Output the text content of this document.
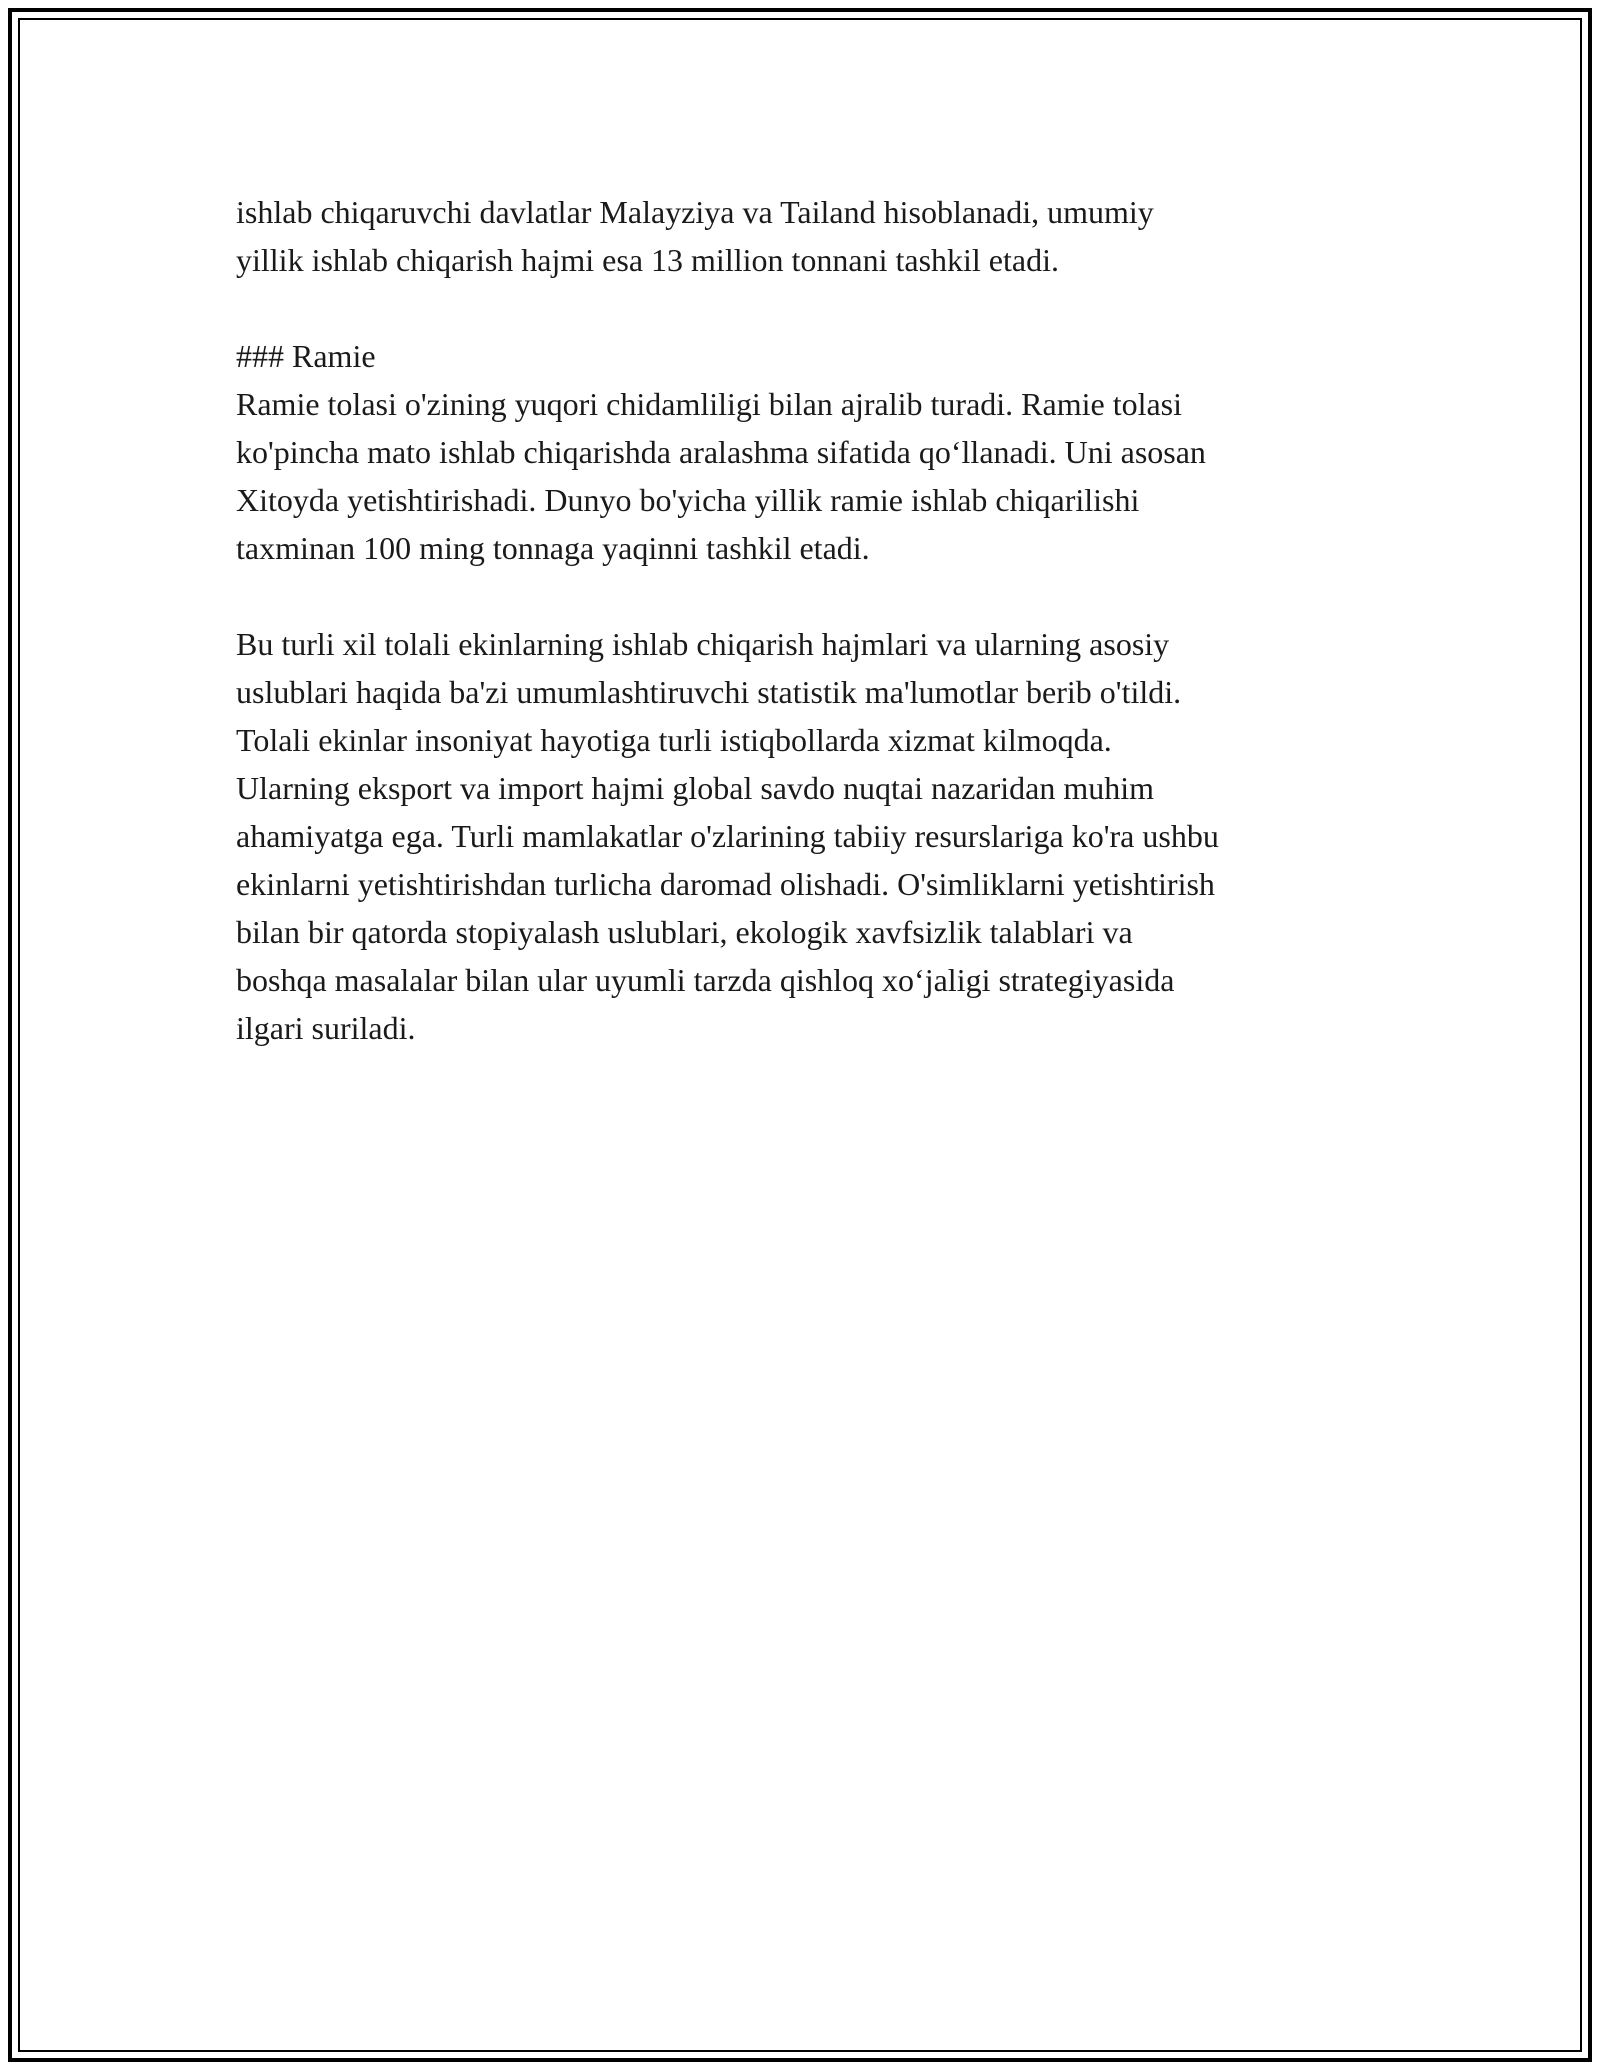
ishlab chiqaruvchi davlatlar Malayziya va Tailand hisoblanadi, umumiy
yillik ishlab chiqarish hajmi esa 13 million tonnani tashkil etadi.

### Ramie

Ramie tolasi o'zining yuqori chidamliligi bilan ajralib turadi. Ramie tolasi
ko'pincha mato ishlab chiqarishda aralashma sifatida qo‘llanadi. Uni asosan
Xitoyda yetishtirishadi. Dunyo bo'yicha yillik ramie ishlab chiqarilishi
taxminan 100 ming tonnaga yaqinni tashkil etadi.

Bu turli xil tolali ekinlarning ishlab chiqarish hajmlari va ularning asosiy
uslublari haqida ba'zi umumlashtiruvchi statistik ma'lumotlar berib o'tildi.
Tolali ekinlar insoniyat hayotiga turli istiqbollarda xizmat kilmoqda.
Ularning eksport va import hajmi global savdo nuqtai nazaridan muhim
ahamiyatga ega. Turli mamlakatlar o'zlarining tabiiy resurslariga ko'ra ushbu
ekinlarni yetishtirishdan turlicha daromad olishadi. O'simliklarni yetishtirish
bilan bir qatorda stopiyalash uslublari, ekologik xavfsizlik talablari va
boshqa masalalar bilan ular uyumli tarzda qishloq xo‘jaligi strategiyasida
ilgari suriladi.
